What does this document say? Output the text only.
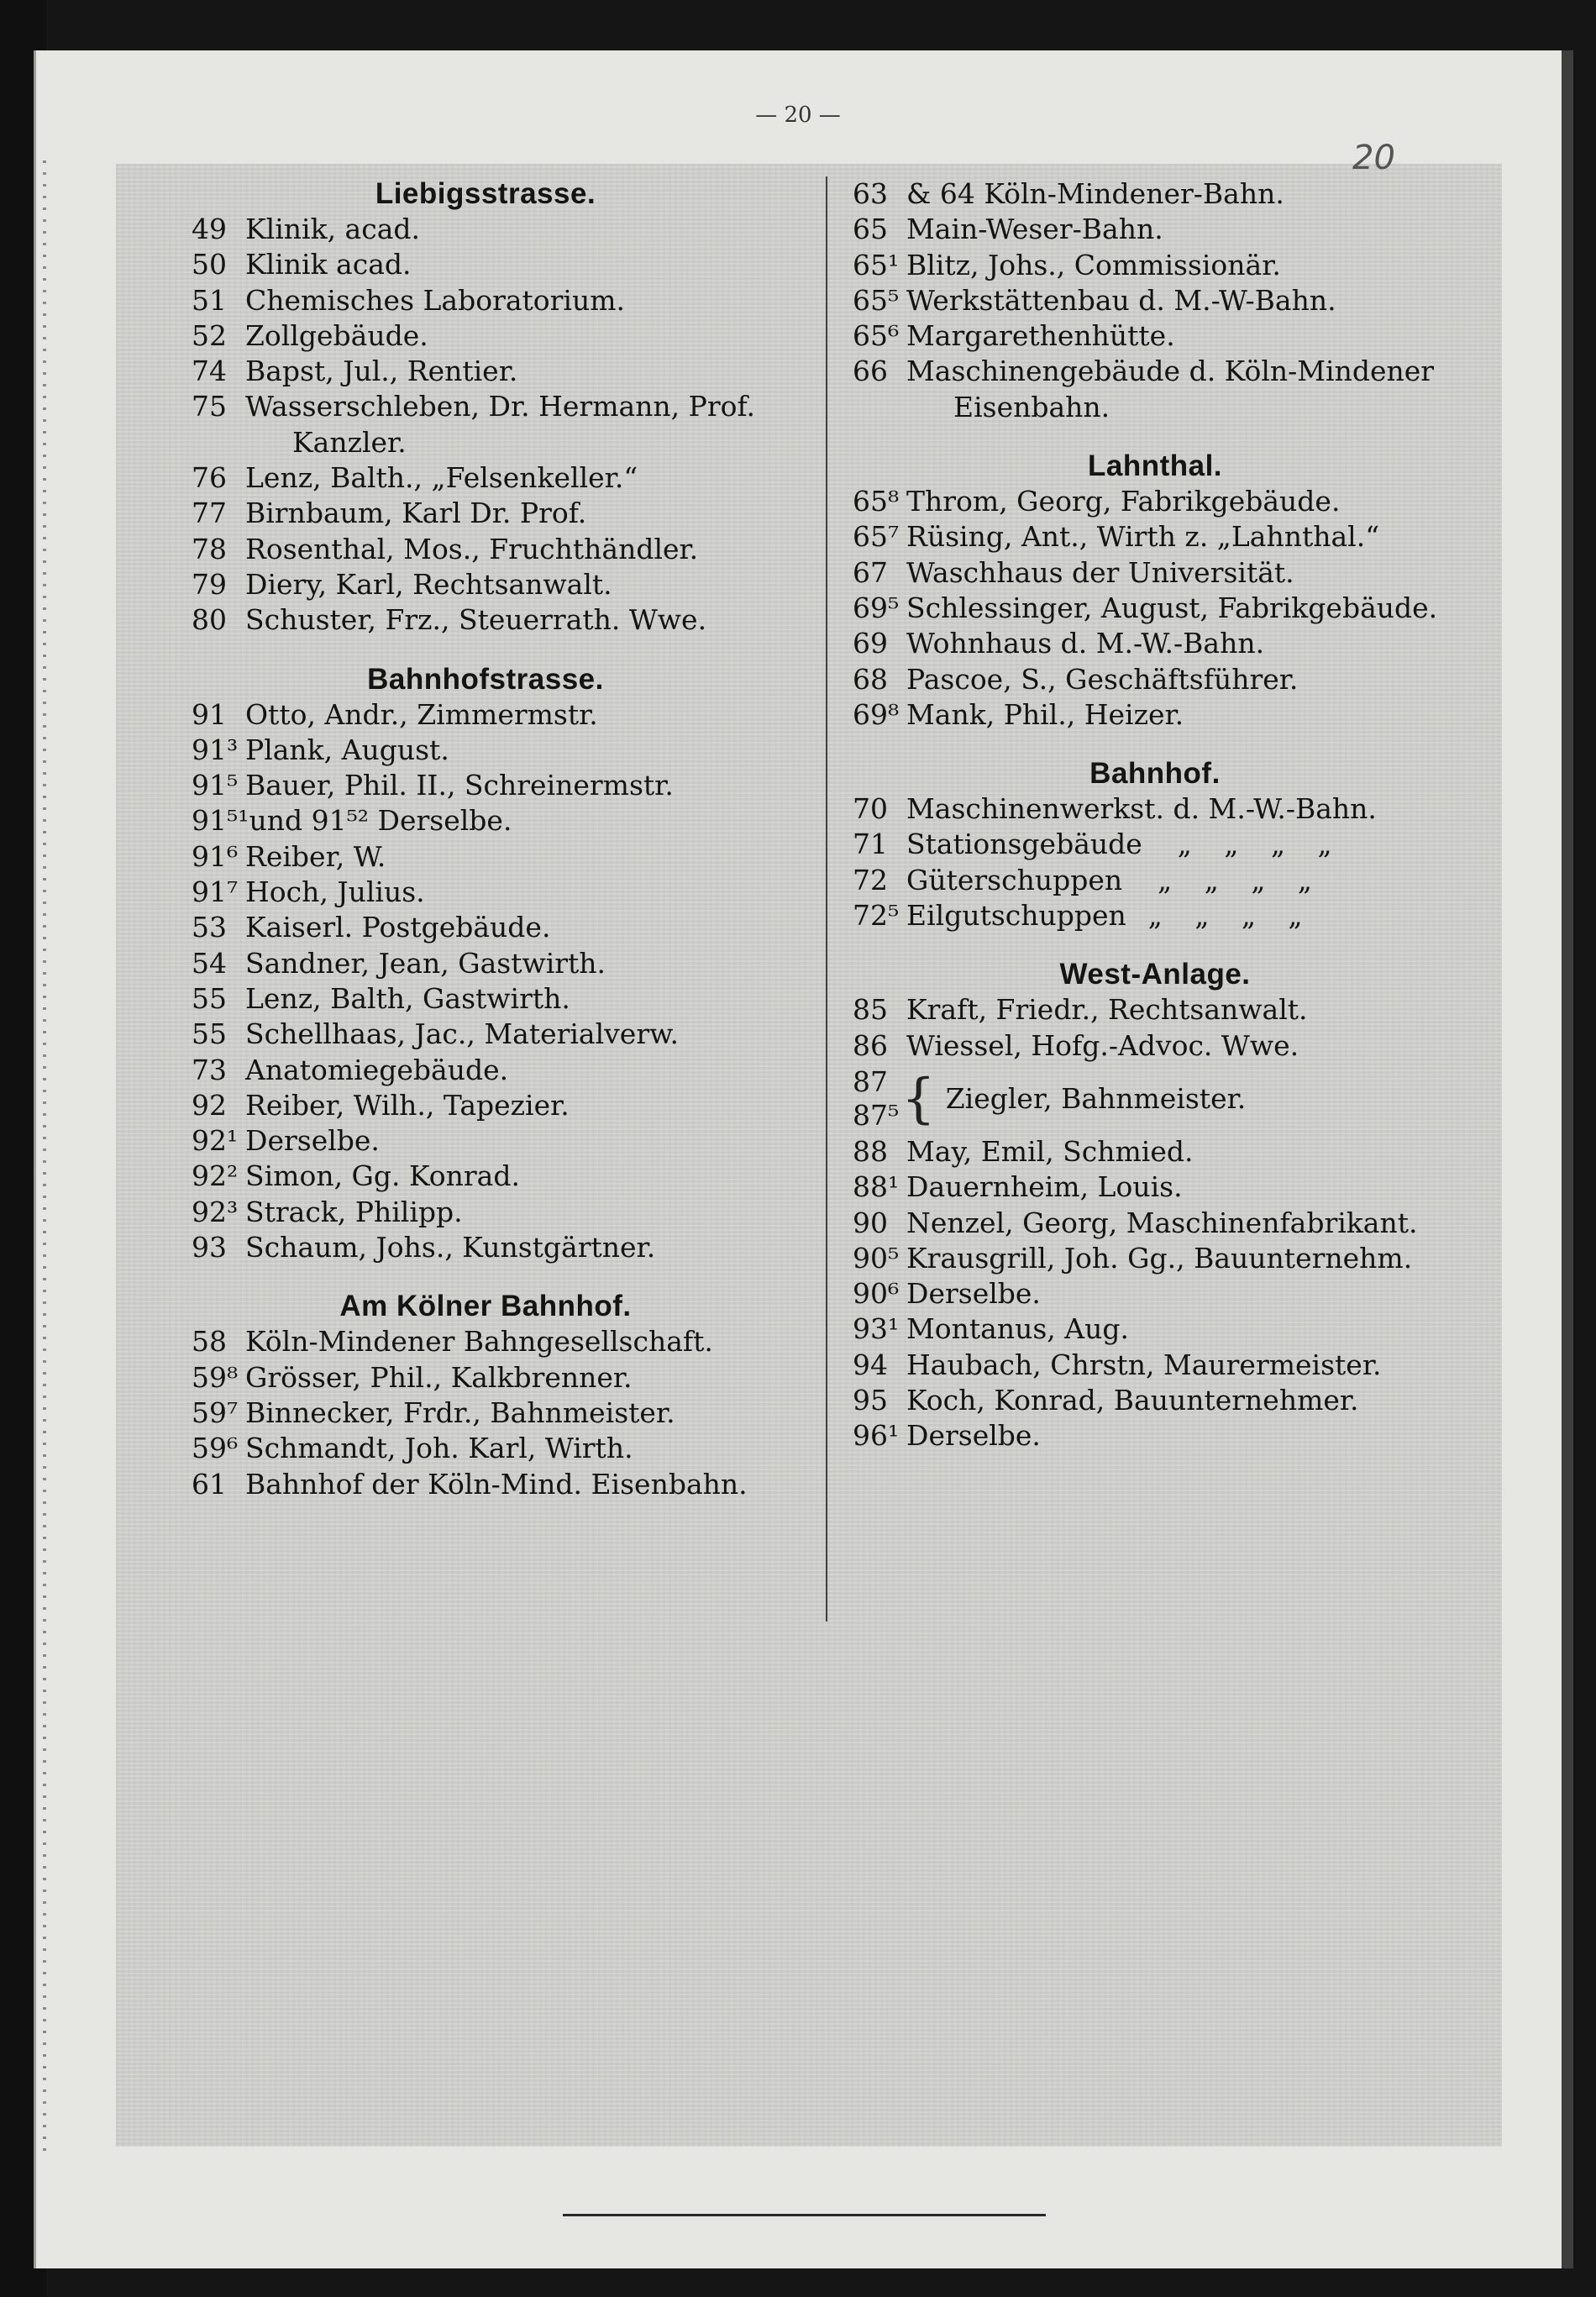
— 20 —
20
Liebigsstrasse.
49 Klinik, acad.
50 Klinik acad.
51 Chemisches Laboratorium.
52 Zollgebäude.
74 Bapst, Jul., Rentier.
75 Wasserschleben, Dr. Hermann, Prof.
Kanzler.
76 Lenz, Balth., „Felsenkeller.“
77 Birnbaum, Karl Dr. Prof.
78 Rosenthal, Mos., Fruchthändler.
79 Diery, Karl, Rechtsanwalt.
80 Schuster, Frz., Steuerrath. Wwe.
Bahnhofstrasse.
91 Otto, Andr., Zimmermstr.
91³ Plank, August.
91⁵ Bauer, Phil. II., Schreinermstr.
91⁵¹ und 91⁵² Derselbe.
91⁶ Reiber, W.
91⁷ Hoch, Julius.
53 Kaiserl. Postgebäude.
54 Sandner, Jean, Gastwirth.
55 Lenz, Balth, Gastwirth.
55 Schellhaas, Jac., Materialverw.
73 Anatomiegebäude.
92 Reiber, Wilh., Tapezier.
92¹ Derselbe.
92² Simon, Gg. Konrad.
92³ Strack, Philipp.
93 Schaum, Johs., Kunstgärtner.
Am Kölner Bahnhof.
58 Köln-Mindener Bahngesellschaft.
59⁸ Grösser, Phil., Kalkbrenner.
59⁷ Binnecker, Frdr., Bahnmeister.
59⁶ Schmandt, Joh. Karl, Wirth.
61 Bahnhof der Köln-Mind. Eisenbahn.
63 & 64 Köln-Mindener-Bahn.
65 Main-Weser-Bahn.
65¹ Blitz, Johs., Commissionär.
65⁵ Werkstättenbau d. M.-W-Bahn.
65⁶ Margarethenhütte.
66 Maschinengebäude d. Köln-Mindener
Eisenbahn.
Lahnthal.
65⁸ Throm, Georg, Fabrikgebäude.
65⁷ Rüsing, Ant., Wirth z. „Lahnthal.“
67 Waschhaus der Universität.
69⁵ Schlessinger, August, Fabrikgebäude.
69 Wohnhaus d. M.-W.-Bahn.
68 Pascoe, S., Geschäftsführer.
69⁸ Mank, Phil., Heizer.
Bahnhof.
70 Maschinenwerkst. d. M.-W.-Bahn.
71 Stationsgebäude „ „ „ „
72 Güterschuppen „ „ „ „
72⁵ Eilgutschuppen „ „ „ „
West-Anlage.
85 Kraft, Friedr., Rechtsanwalt.
86 Wiessel, Hofg.-Advoc. Wwe.
87
87⁵ { Ziegler, Bahnmeister.
88 May, Emil, Schmied.
88¹ Dauernheim, Louis.
90 Nenzel, Georg, Maschinenfabrikant.
90⁵ Krausgrill, Joh. Gg., Bauunternehm.
90⁶ Derselbe.
93¹ Montanus, Aug.
94 Haubach, Chrstn, Maurermeister.
95 Koch, Konrad, Bauunternehmer.
96¹ Derselbe.
